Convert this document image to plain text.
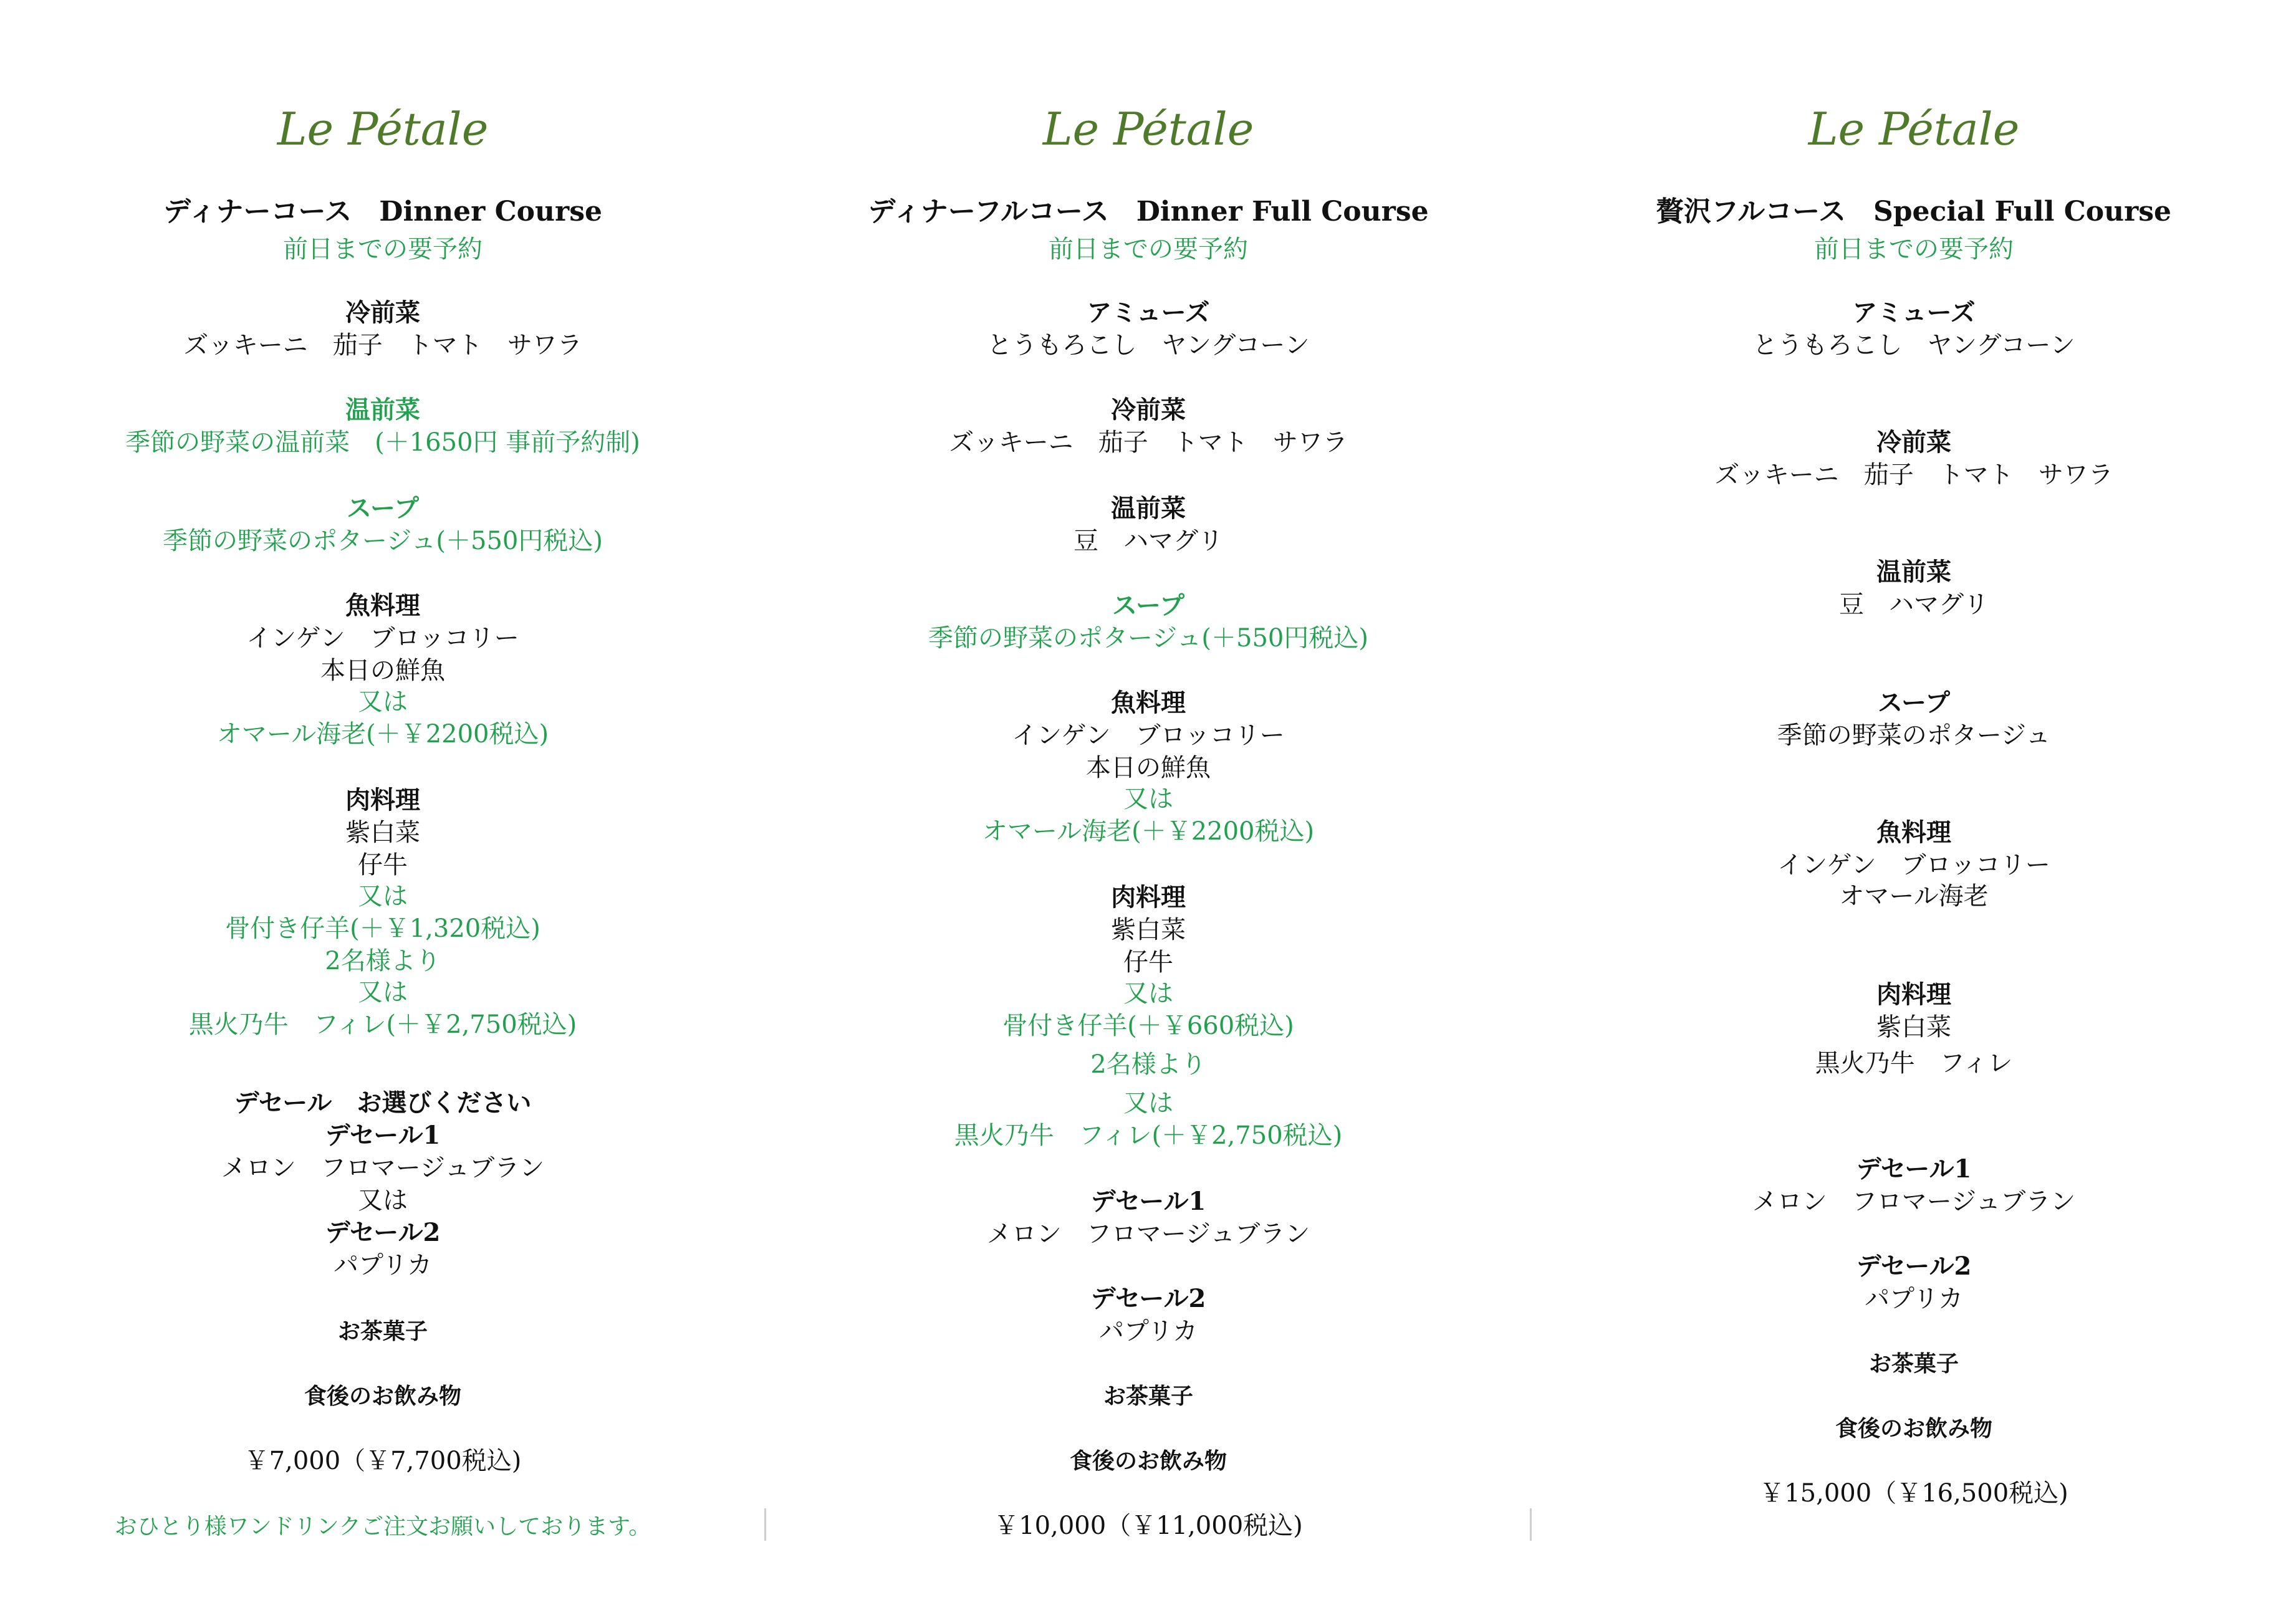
Le Pétale
ディナーコース　Dinner Course
前日までの要予約
冷前菜
ズッキーニ　茄子　トマト　サワラ
温前菜
季節の野菜の温前菜　(＋1650円 事前予約制)
スープ
季節の野菜のポタージュ(＋550円税込)
魚料理
インゲン　ブロッコリー
本日の鮮魚
又は
オマール海老(＋￥2200税込)
肉料理
紫白菜
仔牛
又は
骨付き仔羊(＋￥1,320税込)
2名様より
又は
黒火乃牛　フィレ(＋￥2,750税込)
デセール　お選びください
デセール1
メロン　フロマージュブラン
又は
デセール2
パプリカ
お茶菓子
食後のお飲み物
￥7,000（￥7,700税込)
おひとり様ワンドリンクご注文お願いしております。
Le Pétale
ディナーフルコース　Dinner Full Course
前日までの要予約
アミューズ
とうもろこし　ヤングコーン
冷前菜
ズッキーニ　茄子　トマト　サワラ
温前菜
豆　ハマグリ
スープ
季節の野菜のポタージュ(＋550円税込)
魚料理
インゲン　ブロッコリー
本日の鮮魚
又は
オマール海老(＋￥2200税込)
肉料理
紫白菜
仔牛
又は
骨付き仔羊(＋￥660税込)
2名様より
又は
黒火乃牛　フィレ(＋￥2,750税込)
デセール1
メロン　フロマージュブラン
デセール2
パプリカ
お茶菓子
食後のお飲み物
￥10,000（￥11,000税込)
Le Pétale
贅沢フルコース　Special Full Course
前日までの要予約
アミューズ
とうもろこし　ヤングコーン
冷前菜
ズッキーニ　茄子　トマト　サワラ
温前菜
豆　ハマグリ
スープ
季節の野菜のポタージュ
魚料理
インゲン　ブロッコリー
オマール海老
肉料理
紫白菜
黒火乃牛　フィレ
デセール1
メロン　フロマージュブラン
デセール2
パプリカ
お茶菓子
食後のお飲み物
￥15,000（￥16,500税込)
